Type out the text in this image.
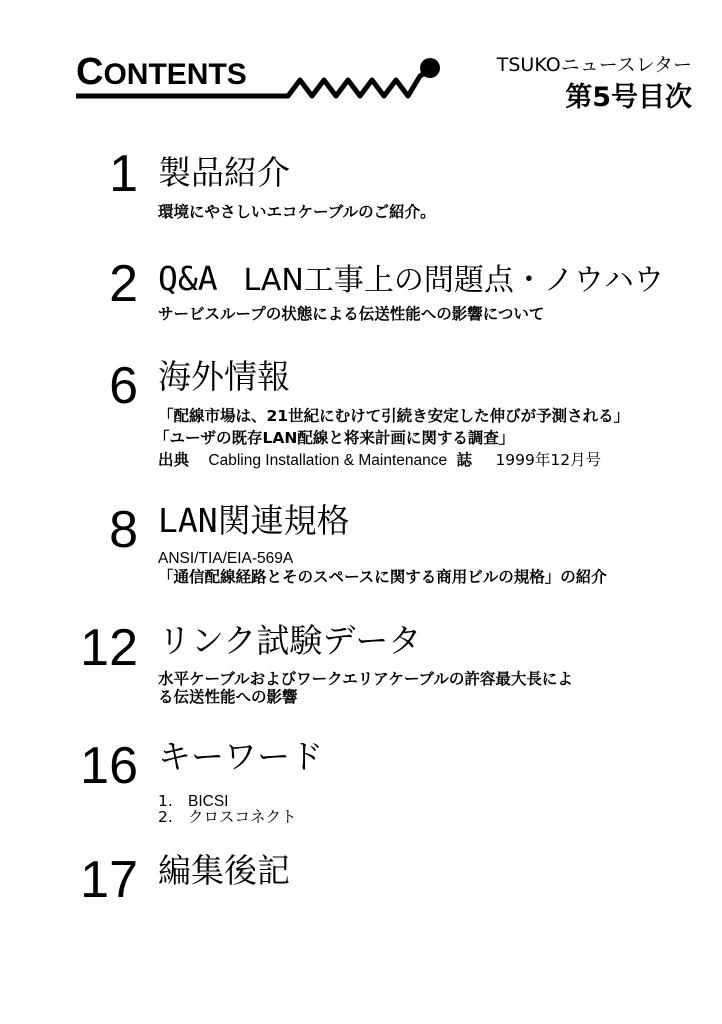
CONTENTS	TSUKOニュースレター
第5号目次
1 製品紹介
環境にやさしいエコケーブルのご紹介。
2 Q&A LAN工事上の問題点・ノウハウ
サービスループの状態による伝送性能への影響について
6 海外情報
「配線市場は、21世紀にむけて引続き安定した伸びが予測される」
「ユーザの既存LAN配線と将来計画に関する調査」
出典 Cabling Installation & Maintenance 誌 1999年12月号
8 LAN関連規格
ANSI/TIA/EIA-569A
「通信配線経路とそのスペースに関する商用ビルの規格」の紹介
12 リンク試験データ
水平ケーブルおよびワークエリアケーブルの許容最大長によ
る伝送性能への影響
16 キーワード
1. BICSI
2. クロスコネクト
17 編集後記
